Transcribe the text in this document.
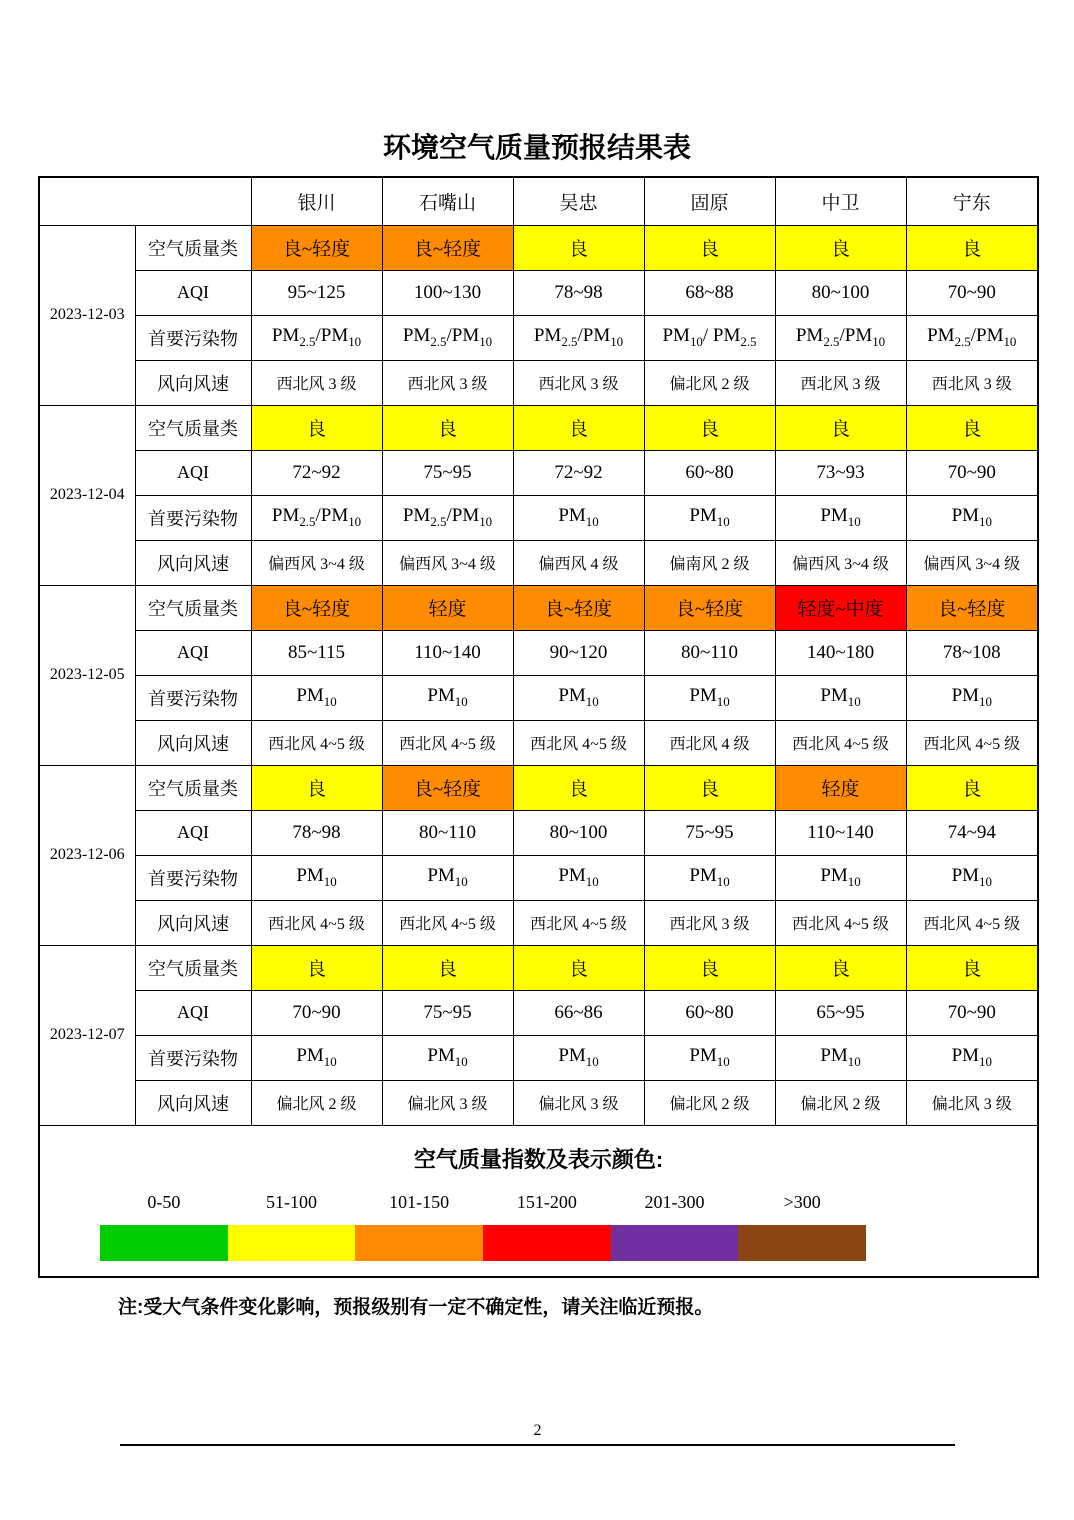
环境空气质量预报结果表
		银川	石嘴山	吴忠	固原	中卫	宁东
2023-12-03	空气质量类	良~轻度	良~轻度	良	良	良	良
	AQI	95~125	100~130	78~98	68~88	80~100	70~90
	首要污染物	$PM_{2.5}/PM_{10}$	$PM_{2.5}/PM_{10}$	$PM_{2.5}/PM_{10}$	$PM_{10}/$ $PM_{2.5}$	$PM_{2.5}/PM_{10}$	$PM_{2.5}/PM_{10}$
	风向风速	西北风 3 级	西北风 3 级	西北风 3 级	偏北风 2 级	西北风 3 级	西北风 3 级
2023-12-04	空气质量类	良	良	良	良	良	良
	AQI	72~92	75~95	72~92	60~80	73~93	70~90
	首要污染物	$PM_{2.5}/PM_{10}$	$PM_{2.5}/PM_{10}$	$PM_{10}$	$PM_{10}$	$PM_{10}$	$PM_{10}$
	风向风速	偏西风 3~4 级	偏西风 3~4 级	偏西风 4 级	偏南风 2 级	偏西风 3~4 级	偏西风 3~4 级
2023-12-05	空气质量类	良~轻度	轻度	良~轻度	良~轻度	轻度~中度	良~轻度
	AQI	85~115	110~140	90~120	80~110	140~180	78~108
	首要污染物	$PM_{10}$	$PM_{10}$	$PM_{10}$	$PM_{10}$	$PM_{10}$	$PM_{10}$
	风向风速	西北风 4~5 级	西北风 4~5 级	西北风 4~5 级	西北风 4 级	西北风 4~5 级	西北风 4~5 级
2023-12-06	空气质量类	良	良~轻度	良	良	轻度	良
	AQI	78~98	80~110	80~100	75~95	110~140	74~94
	首要污染物	$PM_{10}$	$PM_{10}$	$PM_{10}$	$PM_{10}$	$PM_{10}$	$PM_{10}$
	风向风速	西北风 4~5 级	西北风 4~5 级	西北风 4~5 级	西北风 3 级	西北风 4~5 级	西北风 4~5 级
2023-12-07	空气质量类	良	良	良	良	良	良
	AQI	70~90	75~95	66~86	60~80	65~95	70~90
	首要污染物	$PM_{10}$	$PM_{10}$	$PM_{10}$	$PM_{10}$	$PM_{10}$	$PM_{10}$
	风向风速	偏北风 2 级	偏北风 3 级	偏北风 3 级	偏北风 2 级	偏北风 2 级	偏北风 3 级

空气质量指数及表示颜色:
0-50	51-100	101-150	151-200	201-300	>300
注:受大气条件变化影响，预报级别有一定不确定性，请关注临近预报。
2
